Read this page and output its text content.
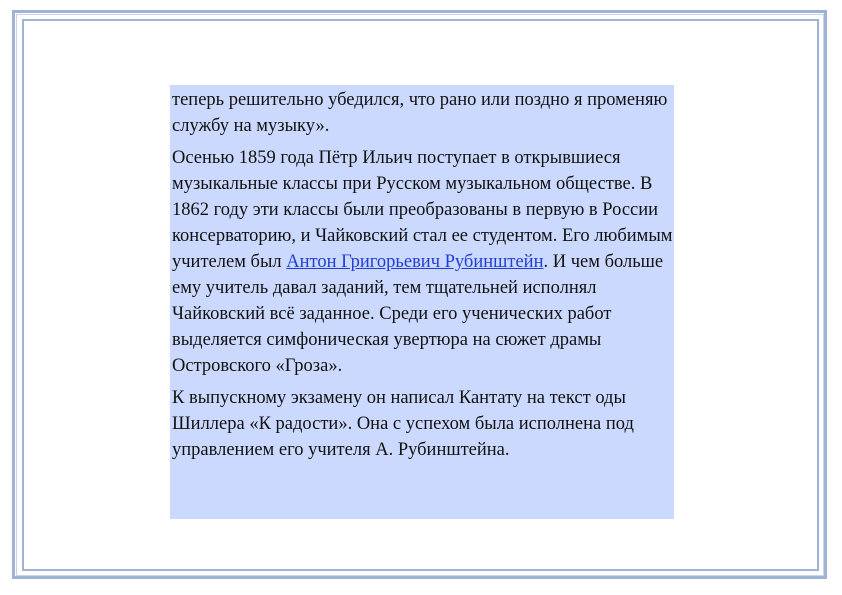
теперь решительно убедился, что рано или поздно я променяю службу на музыку».

Осенью 1859 года Пётр Ильич поступает в открывшиеся музыкальные классы при Русском музыкальном обществе. В 1862 году эти классы были преобразованы в первую в России консерваторию, и Чайковский стал ее студентом. Его любимым учителем был Антон Григорьевич Рубинштейн. И чем больше ему учитель давал заданий, тем тщательней исполнял Чайковский всё заданное. Среди его ученических работ выделяется симфоническая увертюра на сюжет драмы Островского «Гроза».

К выпускному экзамену он написал Кантату на текст оды Шиллера «К радости». Она с успехом была исполнена под управлением его учителя А. Рубинштейна.
